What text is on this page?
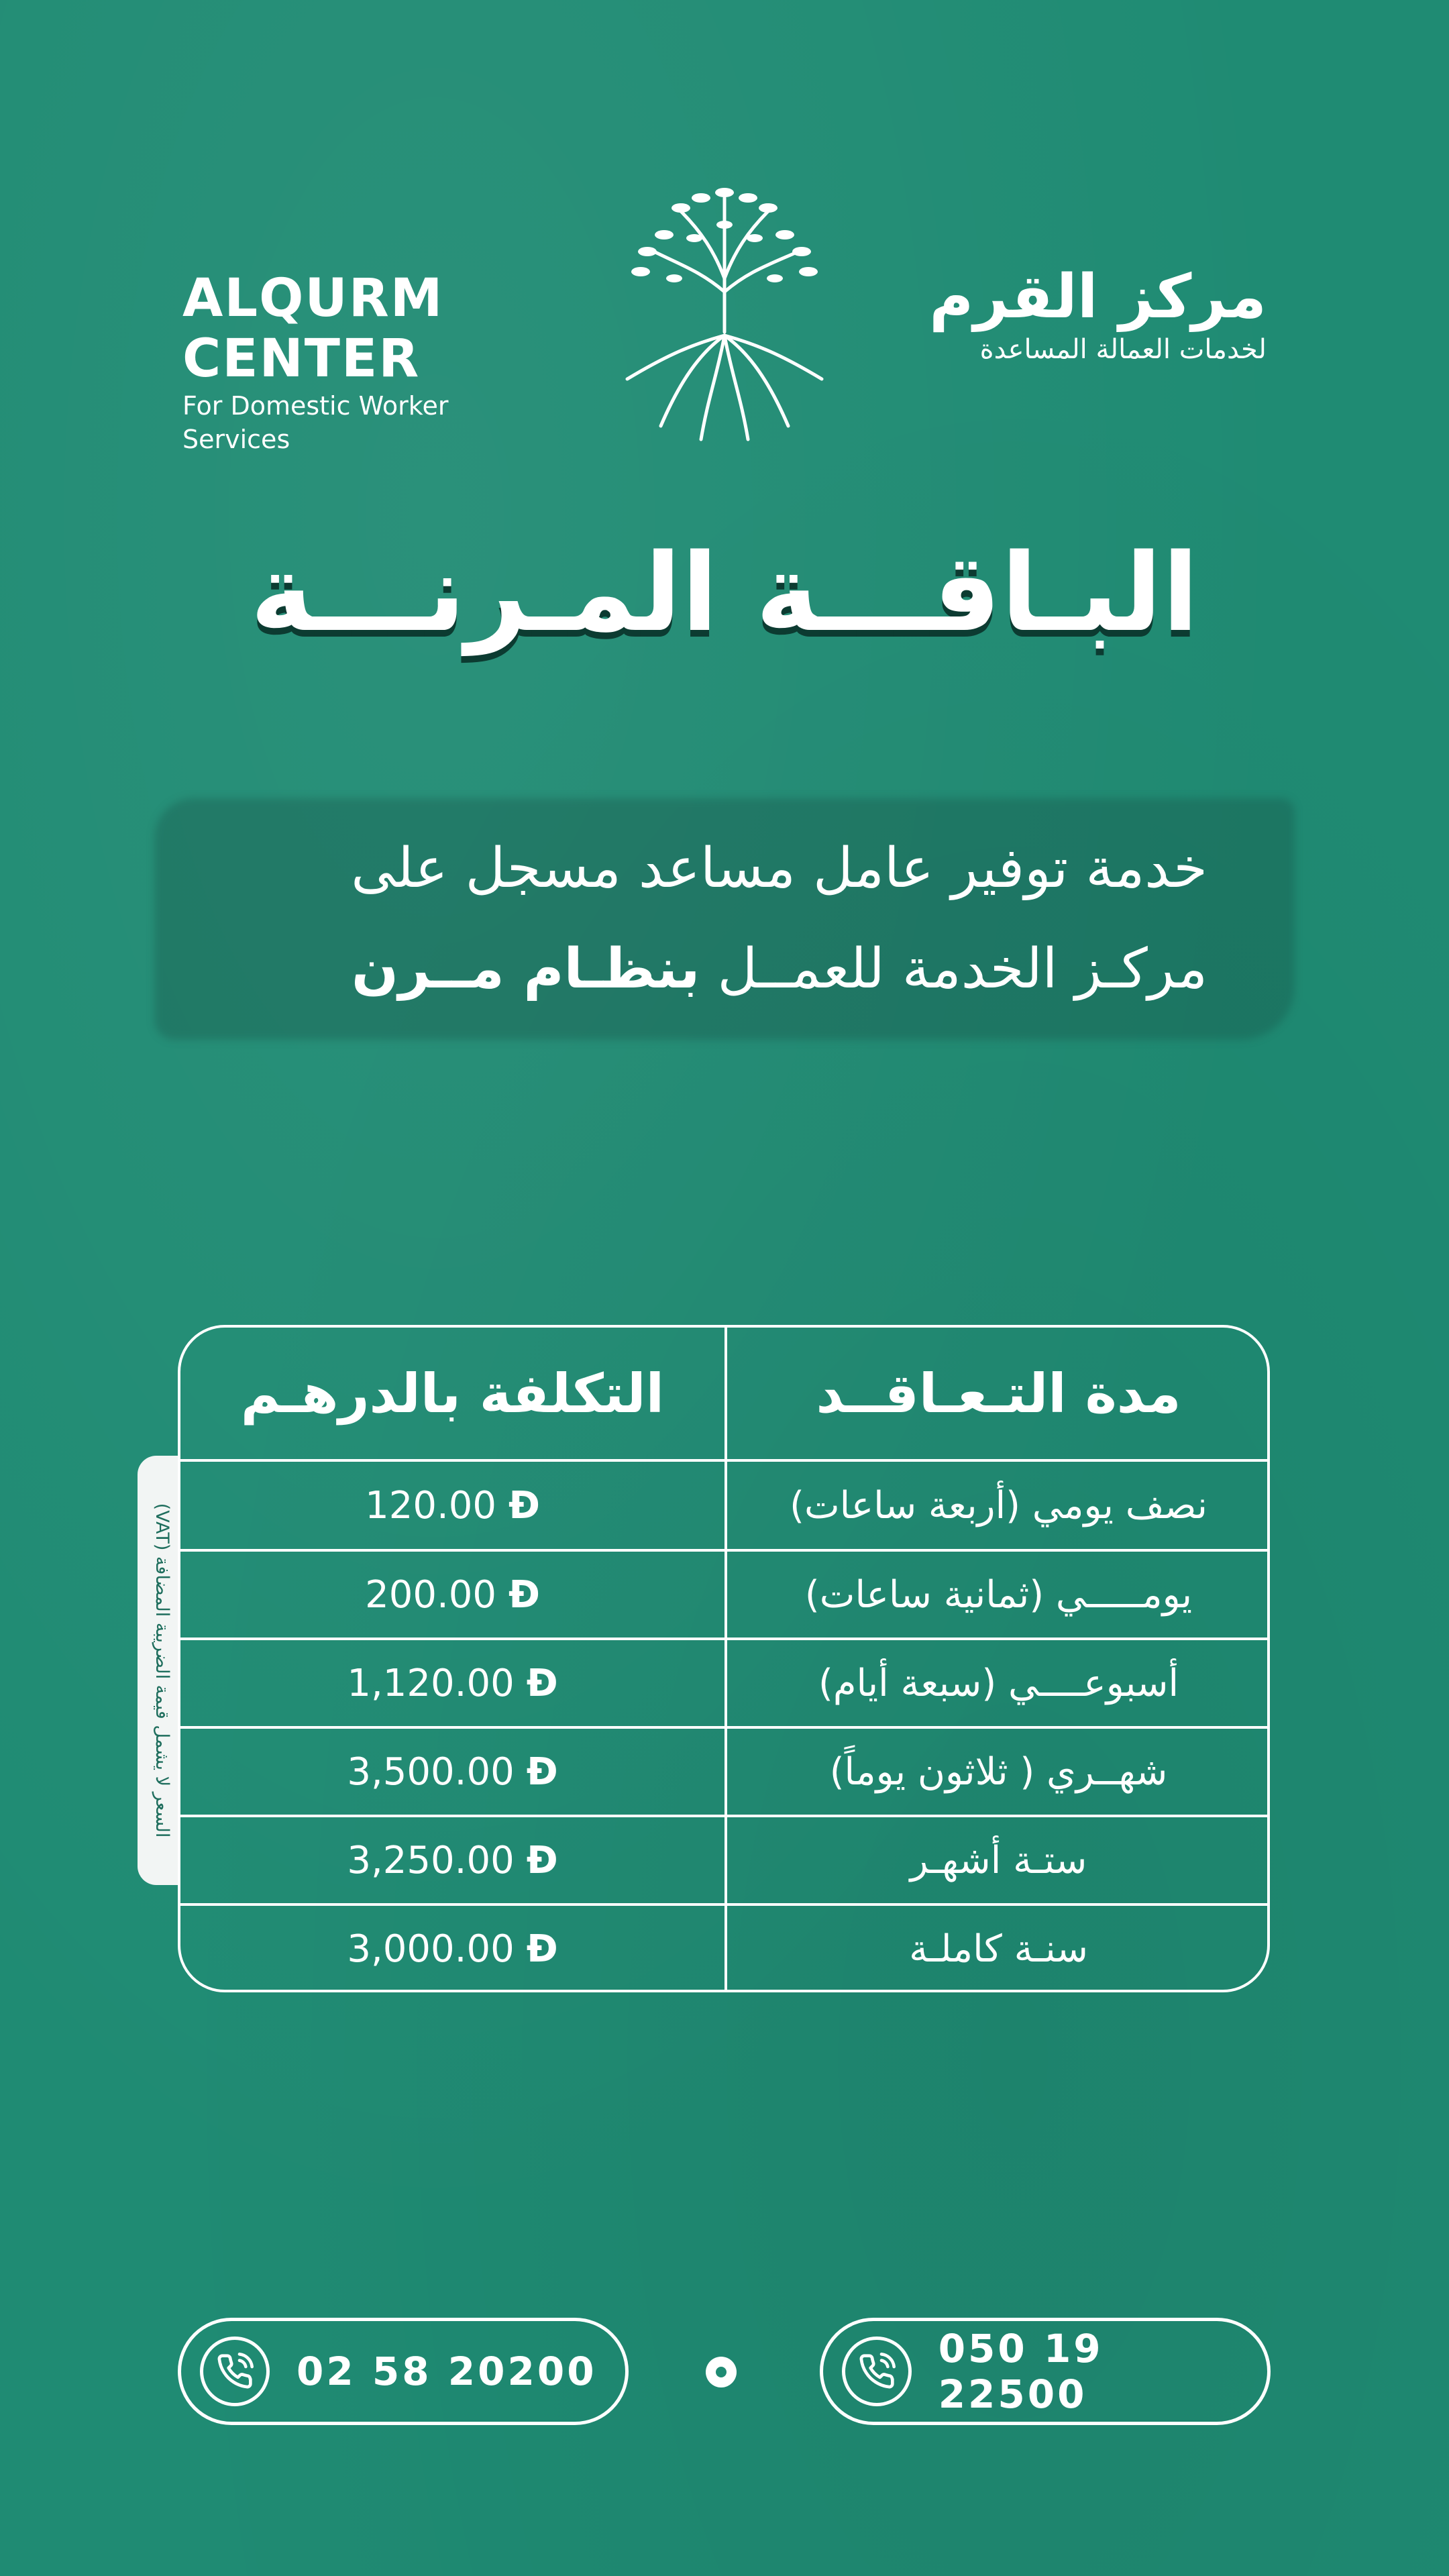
ALQURM CENTER
For Domestic Worker Services
مركز القرم
لخدمات العمالة المساعدة
البـاقـــة المـرنـــة
خدمة توفير عامل مساعد مسجل على
مركـز الخدمة للعمــل بنظـام مــرن
السعر لا يشمل قيمة الضريبة المضافة (VAT)
مدة التـعـاقــد
التكلفة بالدرهـم
نصف يومي (أربعة ساعات)
120.00 Đ
يومـــــي (ثمانية ساعات)
200.00 Đ
أسبوعــــي (سبعة أيام)
1,120.00 Đ
شهــري ( ثلاثون يوماً)
3,500.00 Đ
ستـة أشهـر
3,250.00 Đ
سنـة كاملـة
3,000.00 Đ
02 58 20200	050 19 22500
